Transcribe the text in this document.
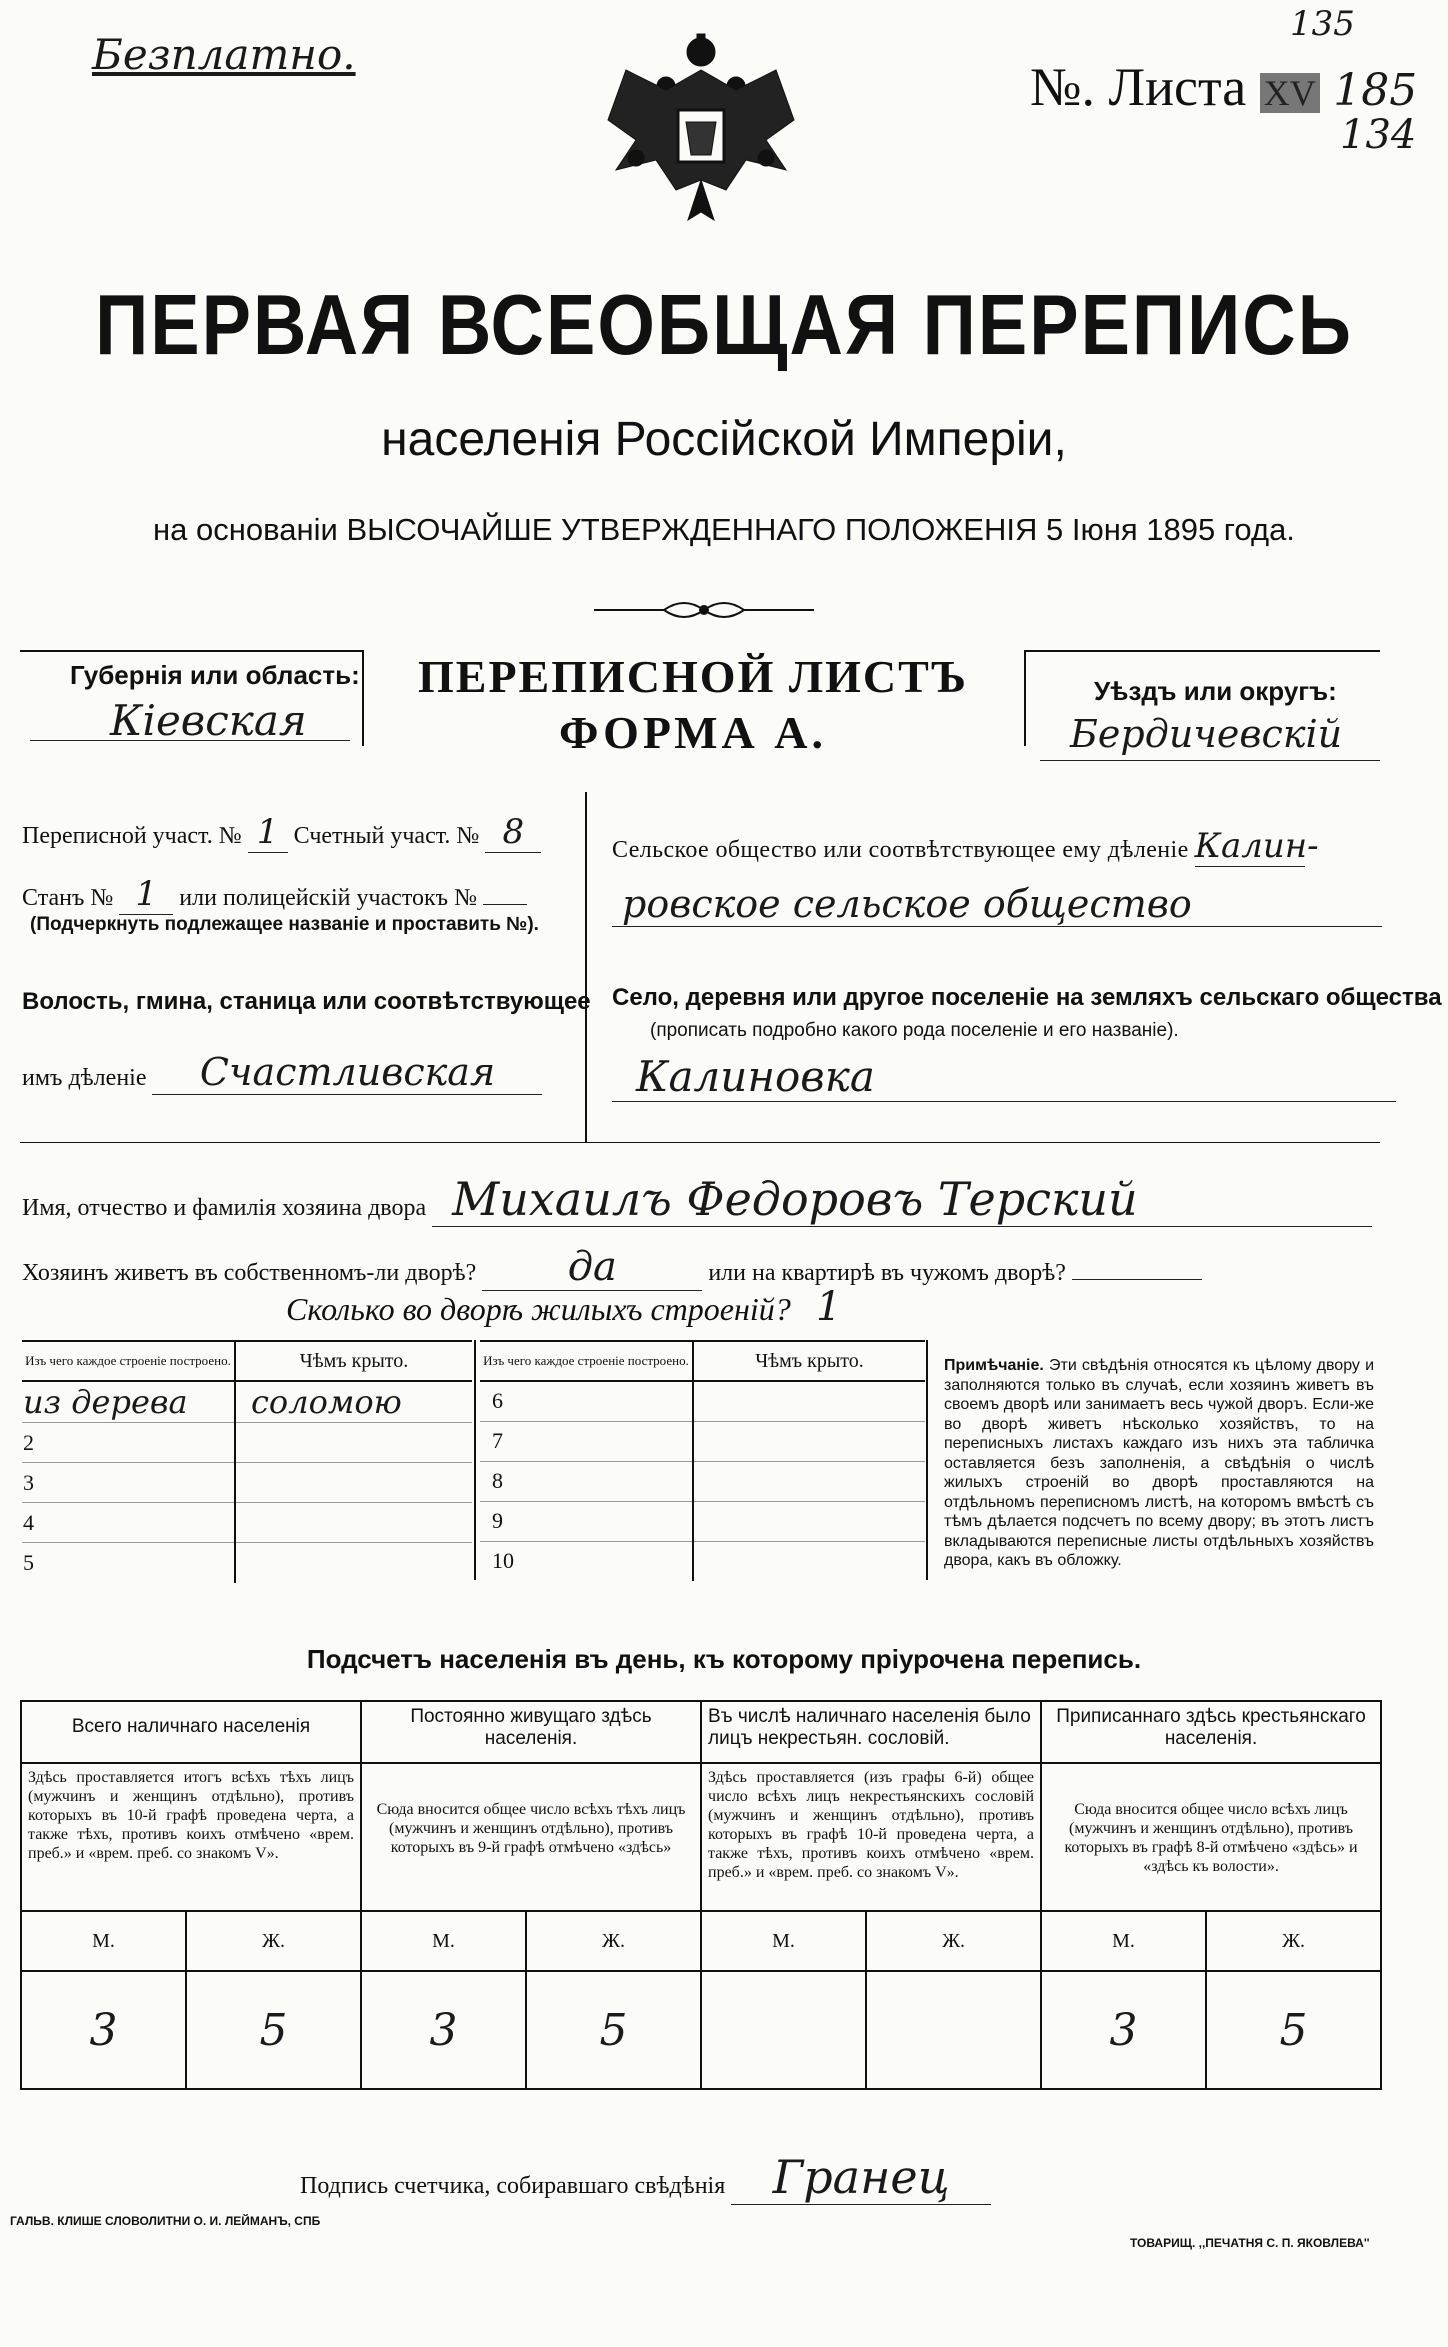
Безплатно.
135
№. Листа XV 185
134
ПЕРВАЯ ВСЕОБЩАЯ ПЕРЕПИСЬ
населенія Россійской Имперіи,
на основаніи ВЫСОЧАЙШЕ УТВЕРЖДЕННАГО ПОЛОЖЕНІЯ 5 Іюня 1895 года.
Губернія или область:
Кіевская
ПЕРЕПИСНОЙ ЛИСТЪ
ФОРМА А.
Уѣздъ или округъ:
Бердичевскій
Переписной участ. № 1 Счетный участ. № 8
Станъ № 1 или полицейскій участокъ №
(Подчеркнуть подлежащее названіе и проставить №).
Волость, гмина, станица или соотвѣтствующее
имъ дѣленіе Счастливская
Сельское общество или соотвѣтствующее ему дѣленіе Калин-
ровское сельское общество
Село, деревня или другое поселеніе на земляхъ сельскаго общества
(прописать подробно какого рода поселеніе и его названіе).
Калиновка
Имя, отчество и фамилія хозяина двора Михаилъ Федоровъ Терский
Хозяинъ живетъ въ собственномъ-ли дворѣ? да	или на квартирѣ въ чужомъ дворѣ?
Сколько во дворѣ жилыхъ строеній? 1
Изъ чего каждое строеніе построено.	Чѣмъ крыто.
из дерева	соломою
2	
3	
4	
5	
Изъ чего каждое строеніе построено.	Чѣмъ крыто.
6	
7	
8	
9	
10	
Примѣчаніе. Эти свѣдѣнія относятся къ цѣлому двору и заполняются только въ случаѣ, если хозяинъ живетъ въ своемъ дворѣ или занимаетъ весь чужой дворъ. Если-же во дворѣ живетъ нѣсколько хозяйствъ, то на переписныхъ листахъ каждаго изъ нихъ эта табличка оставляется безъ заполненія, а свѣдѣнія о числѣ жилыхъ строеній во дворѣ проставляются на отдѣльномъ переписномъ листѣ, на которомъ вмѣстѣ съ тѣмъ дѣлается подсчетъ по всему двору; въ этотъ листъ вкладываются переписные листы отдѣльныхъ хозяйствъ двора, какъ въ обложку.
Подсчетъ населенія въ день, къ которому пріурочена перепись.
Всего наличнаго населенія		Постоянно живущаго здѣсь населенія.		Въ числѣ наличнаго населенія было лицъ некрестьян. сословій.		Приписаннаго здѣсь крестьянскаго населенія.	
Здѣсь проставляется итогъ всѣхъ тѣхъ лицъ (мужчинъ и женщинъ отдѣльно), противъ которыхъ въ 10-й графѣ проведена черта, а также тѣхъ, противъ коихъ отмѣчено «врем. преб.» и «врем. преб. со знакомъ V».		Сюда вносится общее число всѣхъ тѣхъ лицъ (мужчинъ и женщинъ отдѣльно), противъ которыхъ въ 9-й графѣ отмѣчено «здѣсь»		Здѣсь проставляется (изъ графы 6-й) общее число всѣхъ лицъ некрестьянскихъ сословій (мужчинъ и женщинъ отдѣльно), противъ которыхъ въ графѣ 10-й проведена черта, а также тѣхъ, противъ коихъ отмѣчено «врем. преб.» и «врем. преб. со знакомъ V».		Сюда вносится общее число всѣхъ лицъ (мужчинъ и женщинъ отдѣльно), противъ которыхъ въ графѣ 8-й отмѣчено «здѣсь» и «здѣсь къ волости».	
М.	Ж.	М.	Ж.	М.	Ж.	М.	Ж.
3	5	3	5			3	5
Подпись счетчика, собиравшаго свѣдѣнія Гранец
ГАЛЬВ. КЛИШЕ СЛОВОЛИТНИ О. И. ЛЕЙМАНЪ, СПБ
ТОВАРИЩ. ,,ПЕЧАТНЯ С. П. ЯКОВЛЕВА''
